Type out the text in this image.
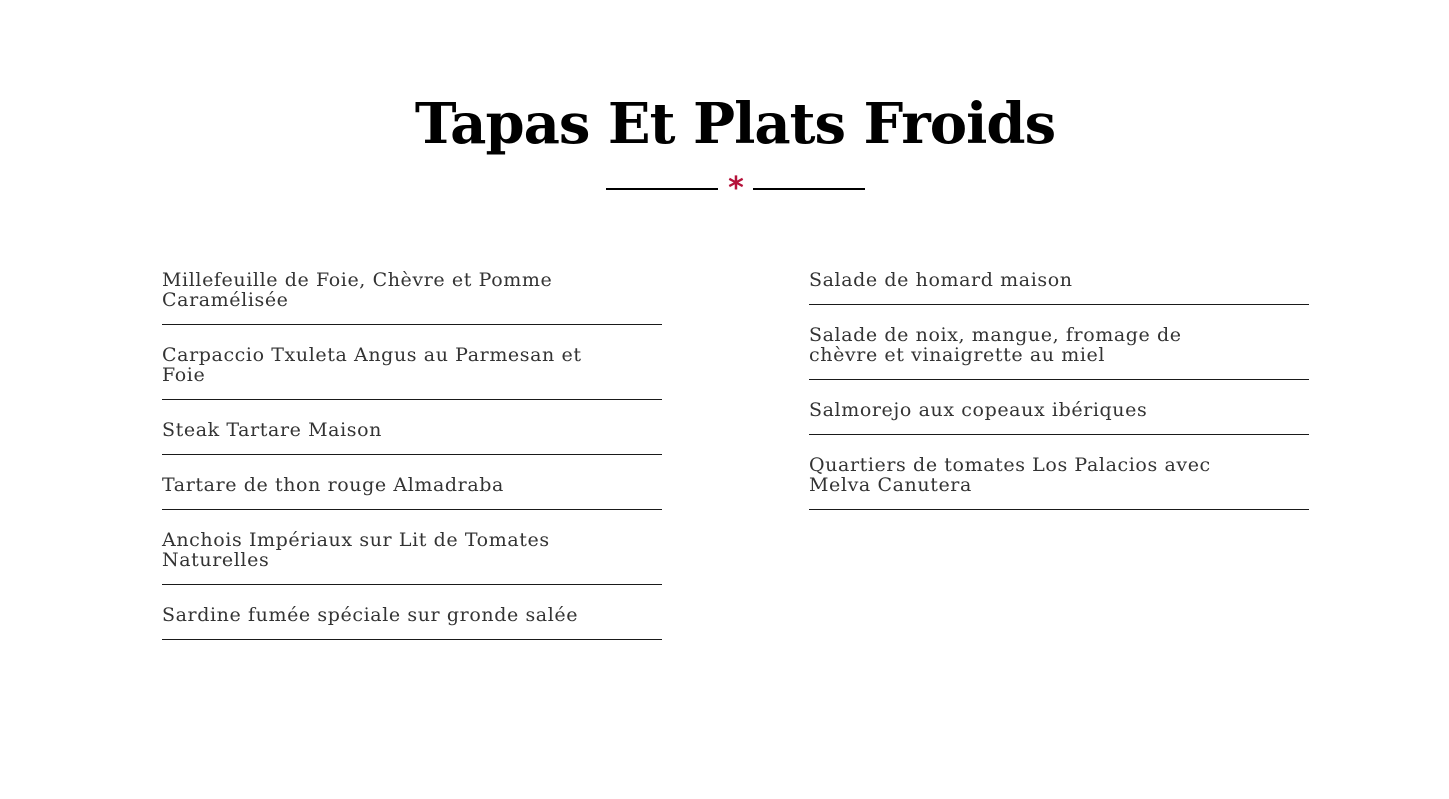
Tapas Et Plats Froids
*
Millefeuille de Foie, Chèvre et Pomme Caramélisée
Carpaccio Txuleta Angus au Parmesan et Foie
Steak Tartare Maison
Tartare de thon rouge Almadraba
Anchois Impériaux sur Lit de Tomates Naturelles
Sardine fumée spéciale sur gronde salée
Salade de homard maison
Salade de noix, mangue, fromage de chèvre et vinaigrette au miel
Salmorejo aux copeaux ibériques
Quartiers de tomates Los Palacios avec Melva Canutera
